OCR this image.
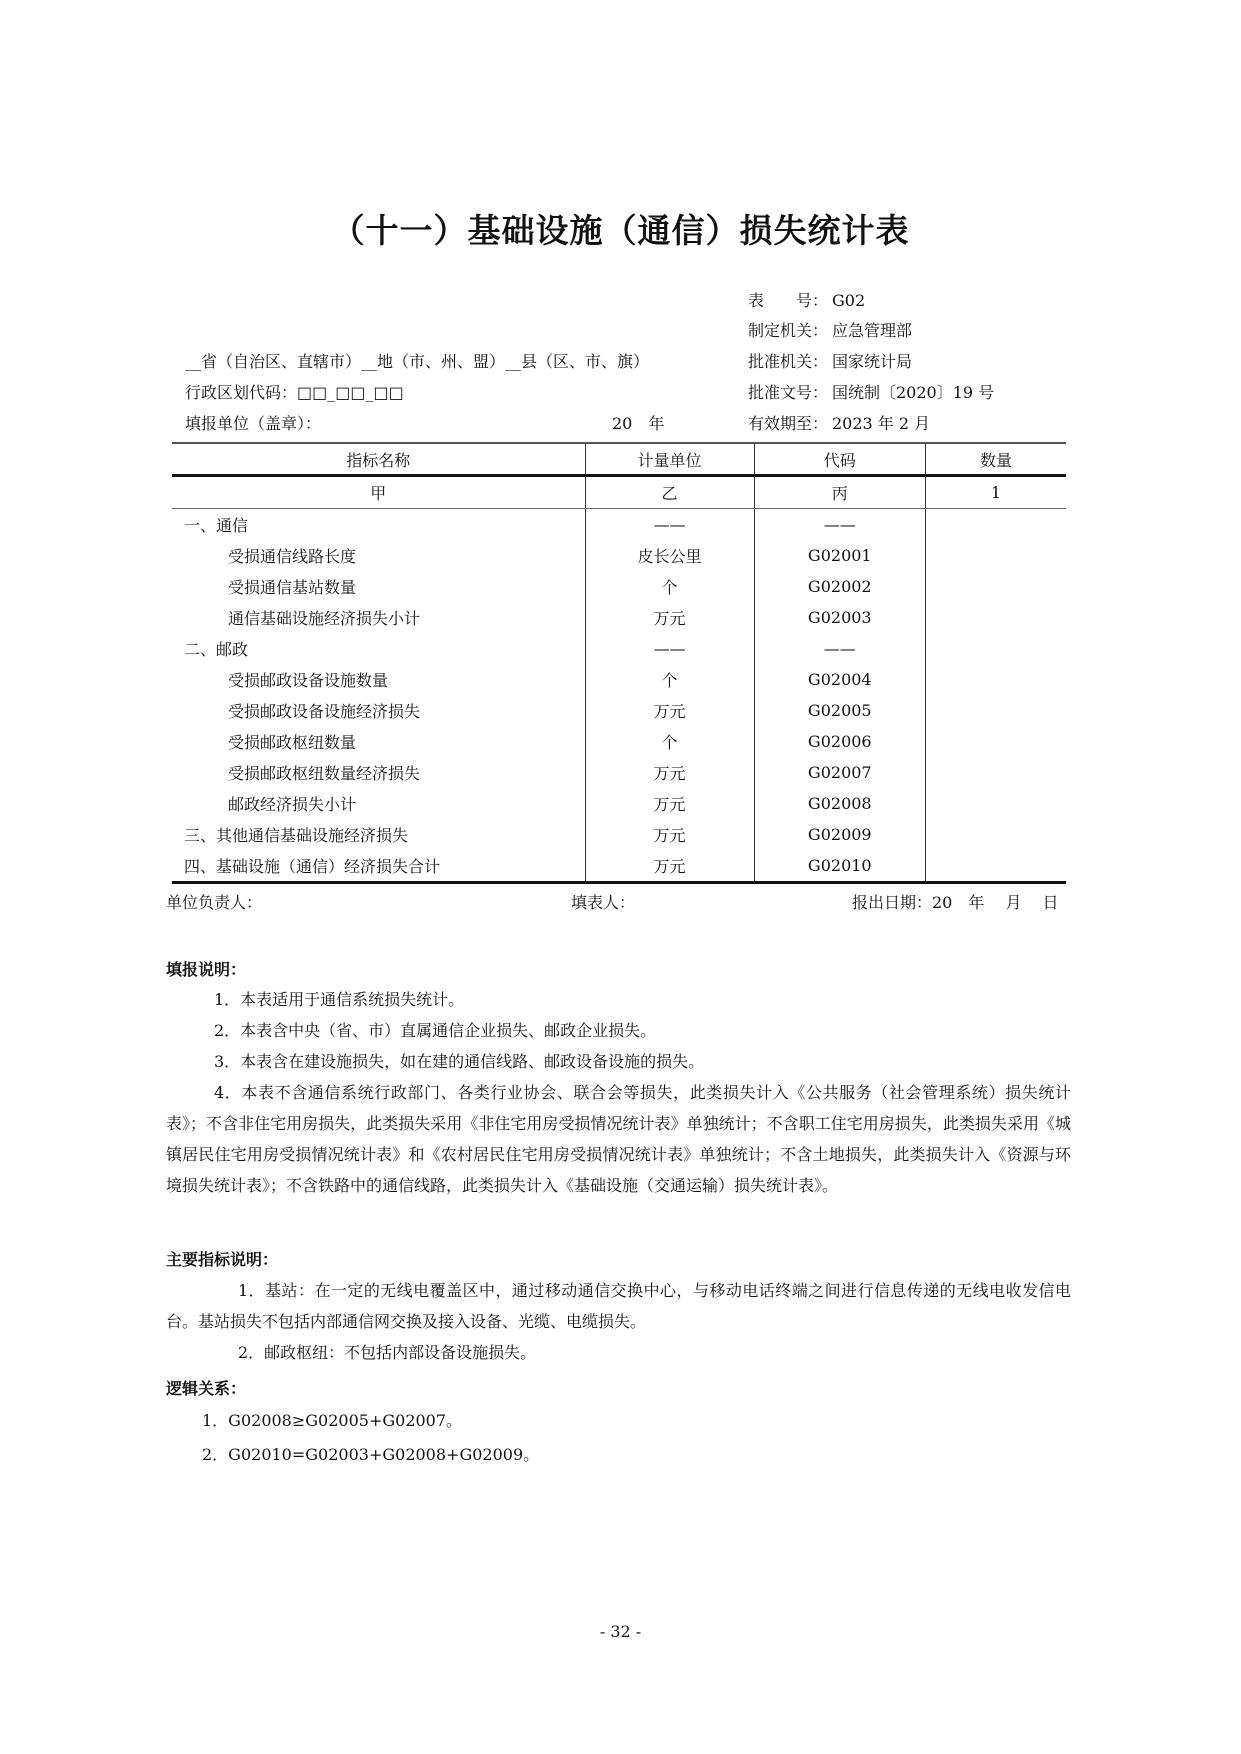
（十一）基础设施（通信）损失统计表
表　　号： G02
制定机关： 应急管理部
批准机关： 国家统计局
批准文号： 国统制〔2020〕19 号
有效期至： 2023 年 2 月
__省（自治区、直辖市）__地（市、州、盟）__县（区、市、旗）
行政区划代码：□□_□□_□□
填报单位（盖章）：	20　年
指标名称	计量单位	代码	数量
甲	乙	丙	1
一、通信	——	——	
受损通信线路长度	皮长公里	G02001	
受损通信基站数量	个	G02002	
通信基础设施经济损失小计	万元	G02003	
二、邮政	——	——	
受损邮政设备设施数量	个	G02004	
受损邮政设备设施经济损失	万元	G02005	
受损邮政枢纽数量	个	G02006	
受损邮政枢纽数量经济损失	万元	G02007	
邮政经济损失小计	万元	G02008	
三、其他通信基础设施经济损失	万元	G02009	
四、基础设施（通信）经济损失合计	万元	G02010	
单位负责人：	填表人：	报出日期：20　年　 月　 日
填报说明：
1．本表适用于通信系统损失统计。
2．本表含中央（省、市）直属通信企业损失、邮政企业损失。
3．本表含在建设施损失，如在建的通信线路、邮政设备设施的损失。
4．本表不含通信系统行政部门、各类行业协会、联合会等损失，此类损失计入《公共服务（社会管理系统）损失统计表》；不含非住宅用房损失，此类损失采用《非住宅用房受损情况统计表》单独统计；不含职工住宅用房损失，此类损失采用《城镇居民住宅用房受损情况统计表》和《农村居民住宅用房受损情况统计表》单独统计；不含土地损失，此类损失计入《资源与环境损失统计表》；不含铁路中的通信线路，此类损失计入《基础设施（交通运输）损失统计表》。
主要指标说明：
1．基站：在一定的无线电覆盖区中，通过移动通信交换中心，与移动电话终端之间进行信息传递的无线电收发信电台。基站损失不包括内部通信网交换及接入设备、光缆、电缆损失。
2．邮政枢纽：不包括内部设备设施损失。
逻辑关系：
1．G02008≥G02005+G02007。
2．G02010=G02003+G02008+G02009。
- 32 -
